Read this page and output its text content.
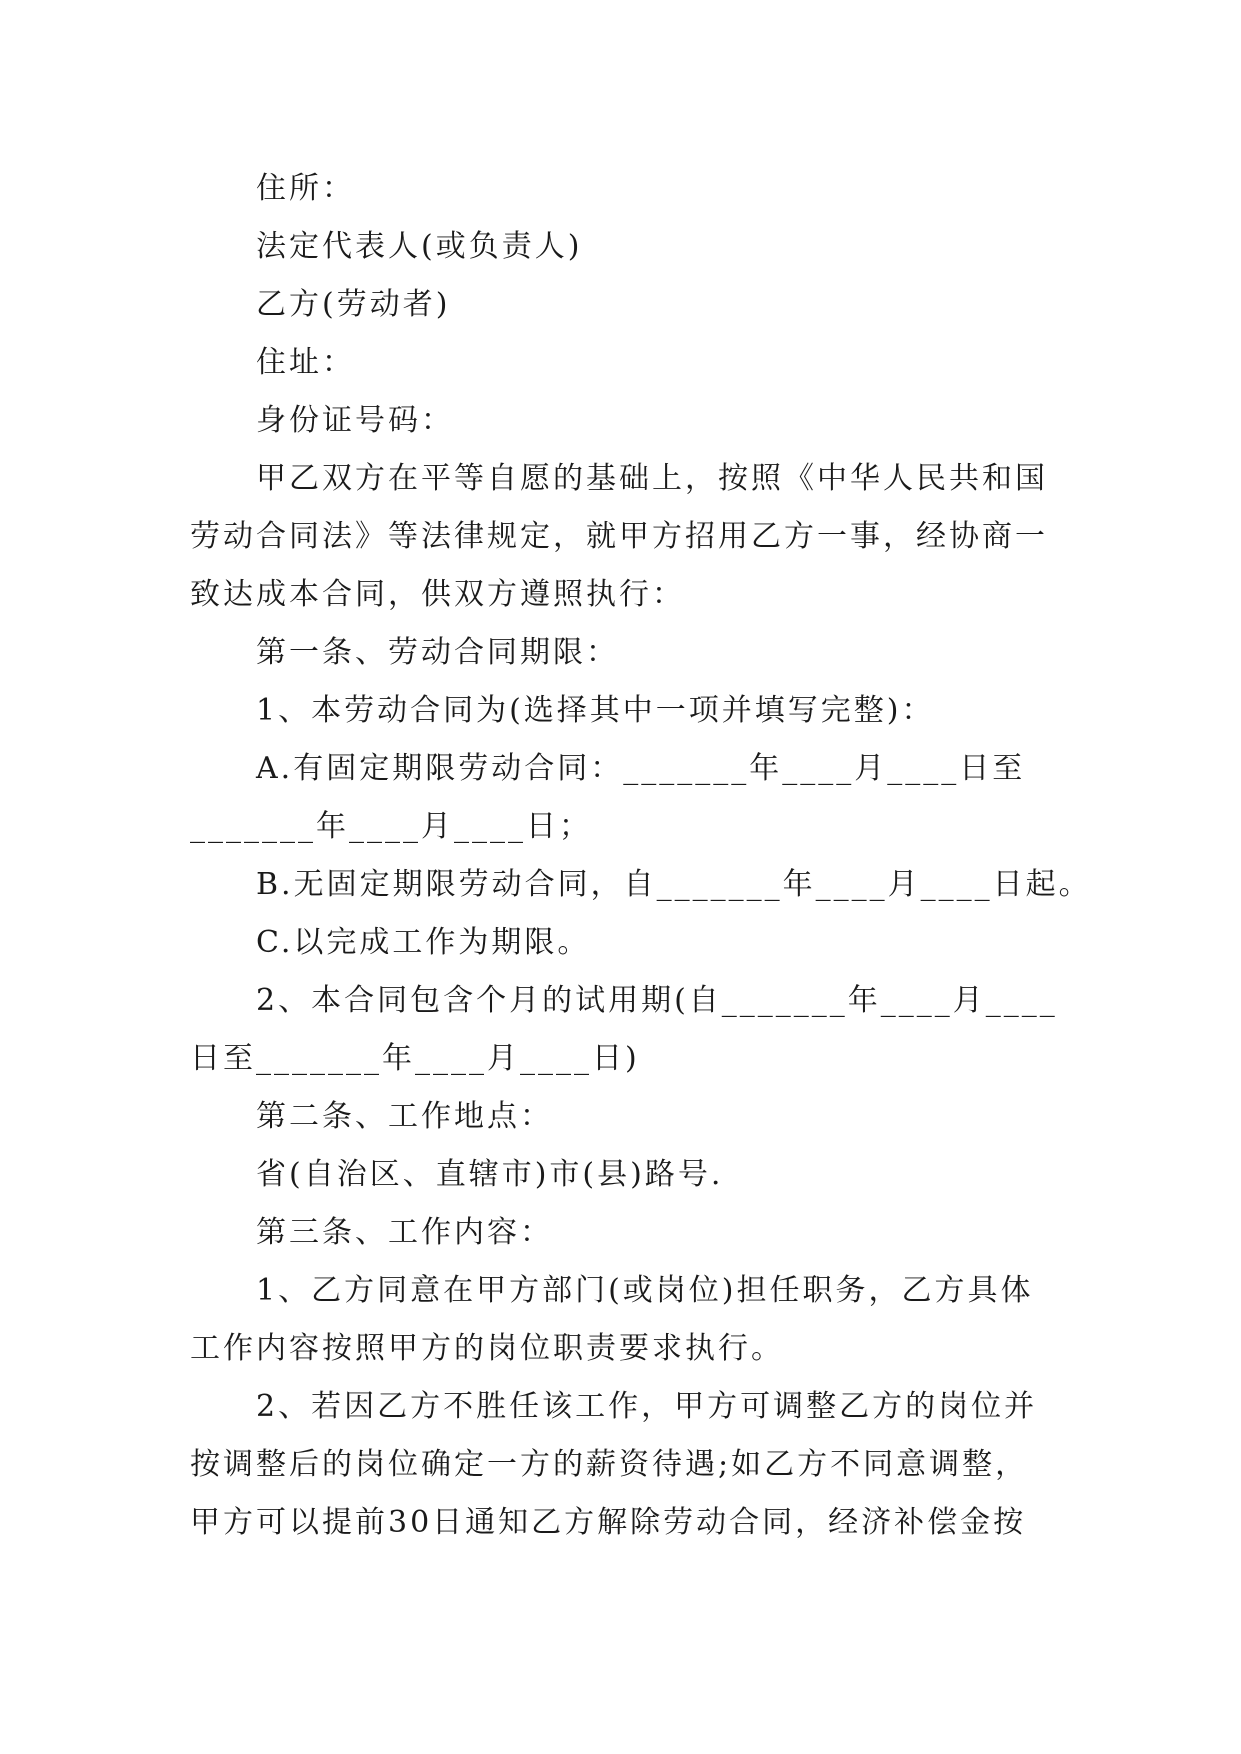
住所：

法定代表人(或负责人)

乙方(劳动者)

住址：

身份证号码：

甲乙双方在平等自愿的基础上，按照《中华人民共和国

劳动合同法》等法律规定，就甲方招用乙方一事，经协商一

致达成本合同，供双方遵照执行：

第一条、劳动合同期限：

1、本劳动合同为(选择其中一项并填写完整)：

A.有固定期限劳动合同：_______年____月____日至

_______年____月____日；

B.无固定期限劳动合同，自_______年____月____日起。

C.以完成工作为期限。

2、本合同包含个月的试用期(自_______年____月____

日至_______年____月____日)

第二条、工作地点：

省(自治区、直辖市)市(县)路号.

第三条、工作内容：

1、乙方同意在甲方部门(或岗位)担任职务，乙方具体

工作内容按照甲方的岗位职责要求执行。

2、若因乙方不胜任该工作，甲方可调整乙方的岗位并

按调整后的岗位确定一方的薪资待遇;如乙方不同意调整，

甲方可以提前30日通知乙方解除劳动合同，经济补偿金按
